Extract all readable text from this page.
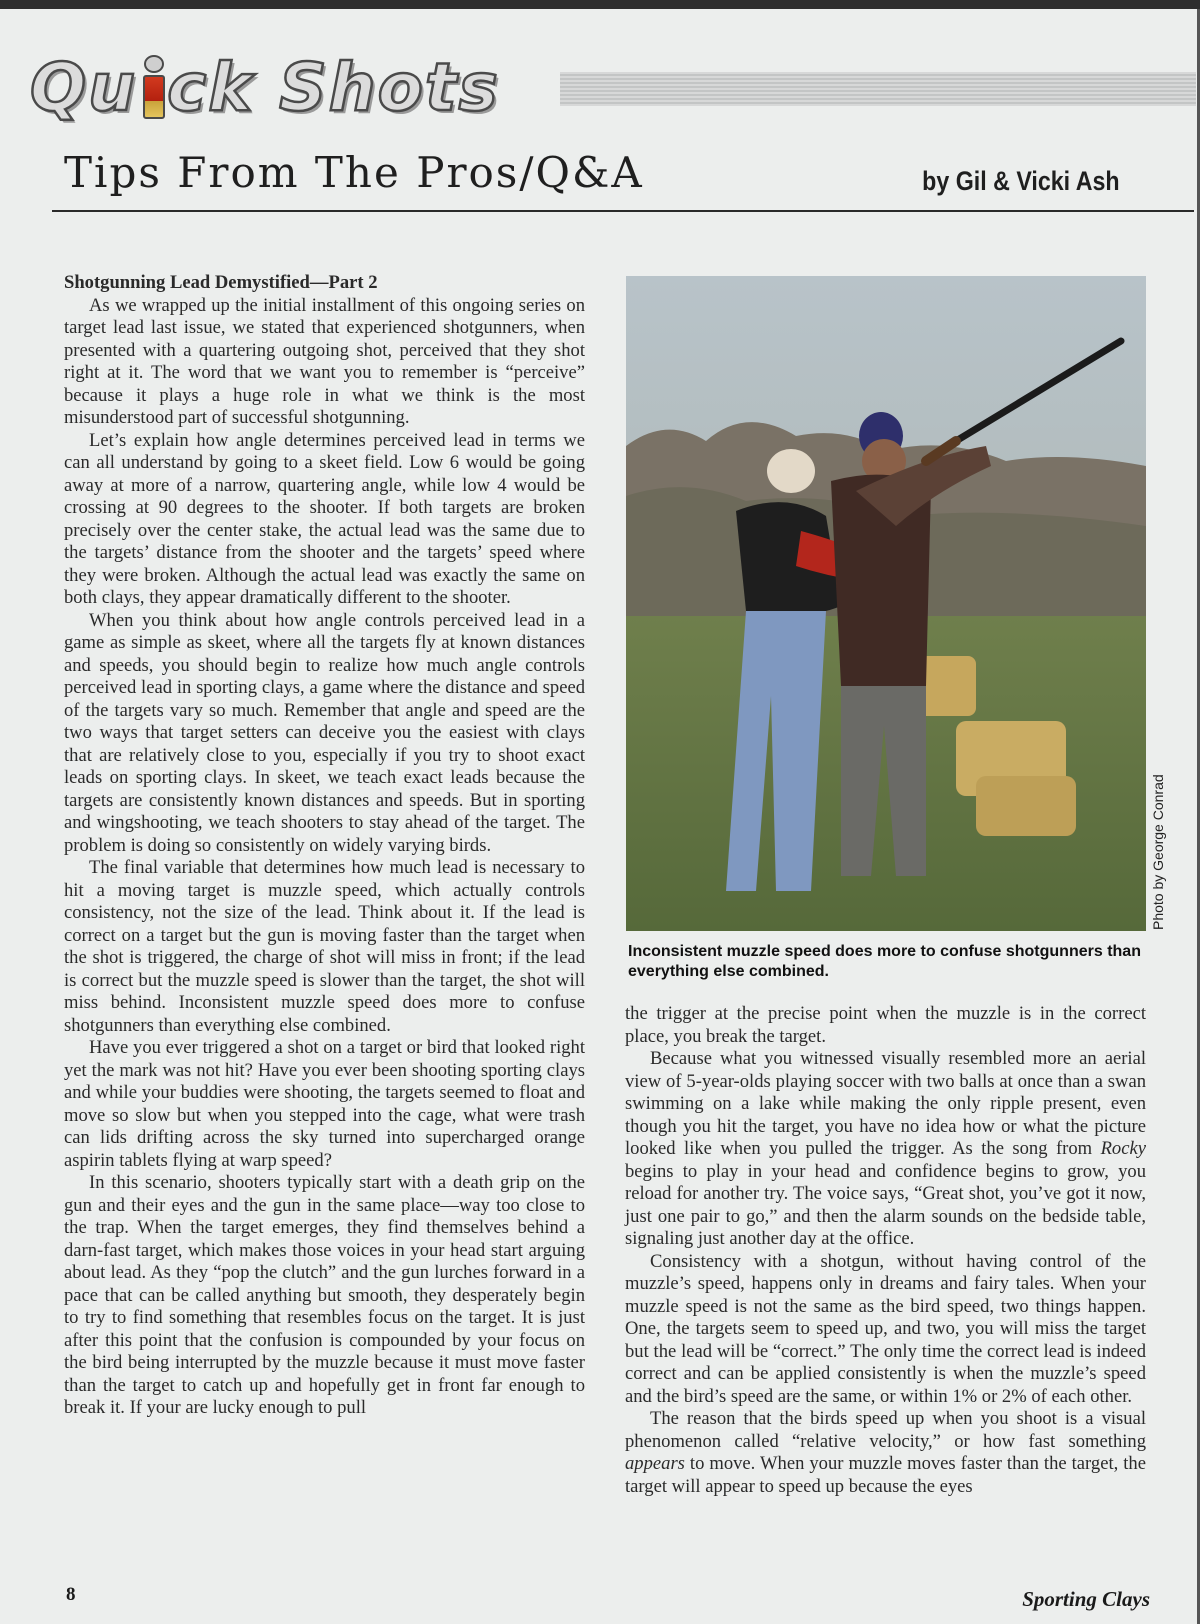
Qu ck Shots
Tips From The Pros/Q&A	by Gil & Vicki Ash
Shotgunning Lead Demystified—Part 2

As we wrapped up the initial installment of this ongoing series on target lead last issue, we stated that experienced shotgunners, when presented with a quartering outgoing shot, perceived that they shot right at it. The word that we want you to remember is “perceive” because it plays a huge role in what we think is the most misunderstood part of successful shotgunning.

Let’s explain how angle determines perceived lead in terms we can all understand by going to a skeet field. Low 6 would be going away at more of a narrow, quartering angle, while low 4 would be crossing at 90 degrees to the shooter. If both targets are broken precisely over the center stake, the actual lead was the same due to the targets’ distance from the shooter and the targets’ speed where they were broken. Although the actual lead was exactly the same on both clays, they appear dramatically different to the shooter.

When you think about how angle controls perceived lead in a game as simple as skeet, where all the targets fly at known distances and speeds, you should begin to realize how much angle controls perceived lead in sporting clays, a game where the distance and speed of the targets vary so much. Remember that angle and speed are the two ways that target setters can deceive you the easiest with clays that are relatively close to you, especially if you try to shoot exact leads on sporting clays. In skeet, we teach exact leads because the targets are consistently known distances and speeds. But in sporting and wingshooting, we teach shooters to stay ahead of the target. The problem is doing so consistently on widely varying birds.

The final variable that determines how much lead is necessary to hit a moving target is muzzle speed, which actually controls consistency, not the size of the lead. Think about it. If the lead is correct on a target but the gun is moving faster than the target when the shot is triggered, the charge of shot will miss in front; if the lead is correct but the muzzle speed is slower than the target, the shot will miss behind. Inconsistent muzzle speed does more to confuse shotgunners than everything else combined.

Have you ever triggered a shot on a target or bird that looked right yet the mark was not hit? Have you ever been shooting sporting clays and while your buddies were shooting, the targets seemed to float and move so slow but when you stepped into the cage, what were trash can lids drifting across the sky turned into supercharged orange aspirin tablets flying at warp speed?

In this scenario, shooters typically start with a death grip on the gun and their eyes and the gun in the same place—way too close to the trap. When the target emerges, they find themselves behind a darn-fast target, which makes those voices in your head start arguing about lead. As they “pop the clutch” and the gun lurches forward in a pace that can be called anything but smooth, they desperately begin to try to find something that resembles focus on the target. It is just after this point that the confusion is compounded by your focus on the bird being interrupted by the muzzle because it must move faster than the target to catch up and hopefully get in front far enough to break it. If your are lucky enough to pull

Photo by George Conrad

Inconsistent muzzle speed does more to confuse shotgunners than everything else combined.

the trigger at the precise point when the muzzle is in the correct place, you break the target.

Because what you witnessed visually resembled more an aerial view of 5-year-olds playing soccer with two balls at once than a swan swimming on a lake while making the only ripple present, even though you hit the target, you have no idea how or what the picture looked like when you pulled the trigger. As the song from Rocky begins to play in your head and confidence begins to grow, you reload for another try. The voice says, “Great shot, you’ve got it now, just one pair to go,” and then the alarm sounds on the bedside table, signaling just another day at the office.

Consistency with a shotgun, without having control of the muzzle’s speed, happens only in dreams and fairy tales. When your muzzle speed is not the same as the bird speed, two things happen. One, the targets seem to speed up, and two, you will miss the target but the lead will be “correct.” The only time the correct lead is indeed correct and can be applied consistently is when the muzzle’s speed and the bird’s speed are the same, or within 1% or 2% of each other.

The reason that the birds speed up when you shoot is a visual phenomenon called “relative velocity,” or how fast something appears to move. When your muzzle moves faster than the target, the target will appear to speed up because the eyes

8	Sporting Clays
